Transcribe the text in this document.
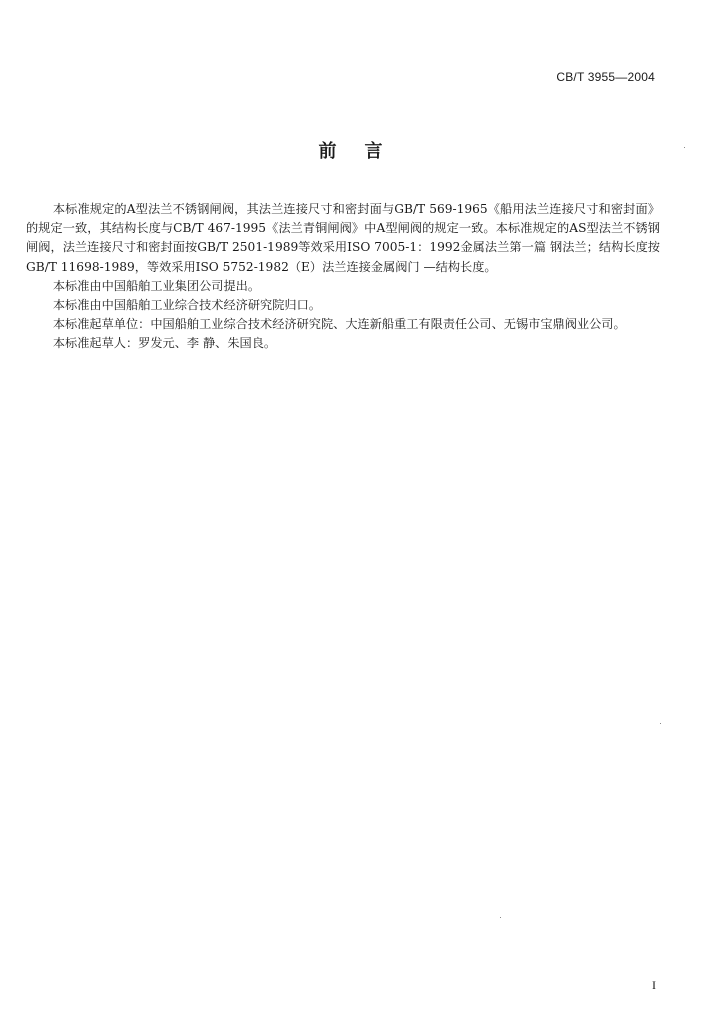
CB/T 3955—2004
前言

本标准规定的A型法兰不锈钢闸阀，其法兰连接尺寸和密封面与GB/T 569-1965《船用法兰连接尺寸和密封面》的规定一致，其结构长度与CB/T 467-1995《法兰青铜闸阀》中A型闸阀的规定一致。本标准规定的AS型法兰不锈钢闸阀，法兰连接尺寸和密封面按GB/T 2501-1989等效采用ISO 7005-1：1992金属法兰第一篇 钢法兰；结构长度按GB/T 11698-1989，等效采用ISO 5752-1982（E）法兰连接金属阀门 —结构长度。

本标准由中国船舶工业集团公司提出。

本标准由中国船舶工业综合技术经济研究院归口。

本标准起草单位：中国船舶工业综合技术经济研究院、大连新船重工有限责任公司、无锡市宝鼎阀业公司。

本标准起草人：罗发元、李 静、朱国良。

I
